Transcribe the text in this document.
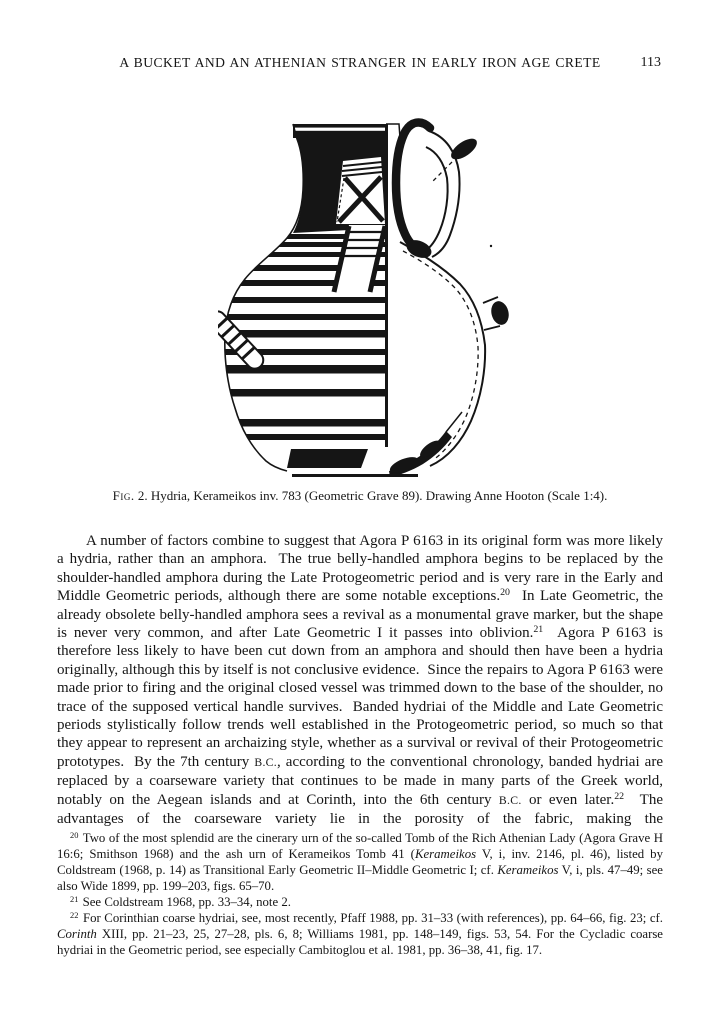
A BUCKET AND AN ATHENIAN STRANGER IN EARLY IRON AGE CRETE	113
Fig. 2. Hydria, Kerameikos inv. 783 (Geometric Grave 89). Drawing Anne Hooton (Scale 1:4).

A number of factors combine to suggest that Agora P 6163 in its original form was more likely a hydria, rather than an amphora.  The true belly-handled amphora begins to be replaced by the shoulder-handled amphora during the Late Protogeometric period and is very rare in the Early and Middle Geometric periods, although there are some notable exceptions.$^{20}$  In Late Geometric, the already obsolete belly-handled amphora sees a revival as a monumental grave marker, but the shape is never very common, and after Late Geometric I it passes into oblivion.$^{21}$  Agora P 6163 is therefore less likely to have been cut down from an amphora and should then have been a hydria originally, although this by itself is not conclusive evidence.  Since the repairs to Agora P 6163 were made prior to firing and the original closed vessel was trimmed down to the base of the shoulder, no trace of the supposed vertical handle survives.  Banded hydriai of the Middle and Late Geometric periods stylistically follow trends well established in the Protogeometric period, so much so that they appear to represent an archaizing style, whether as a survival or revival of their Protogeometric prototypes.  By the 7th century B.C., according to the conventional chronology, banded hydriai are replaced by a coarseware variety that continues to be made in many parts of the Greek world, notably on the Aegean islands and at Corinth, into the 6th century B.C. or even later.$^{22}$  The advantages of the coarseware variety lie in the porosity of the fabric, making the

$^{20}$ Two of the most splendid are the cinerary urn of the so-called Tomb of the Rich Athenian Lady (Agora Grave H 16:6; Smithson 1968) and the ash urn of Kerameikos Tomb 41 (Kerameikos V, i, inv. 2146, pl. 46), listed by Coldstream (1968, p. 14) as Transitional Early Geometric II–Middle Geometric I; cf. Kerameikos V, i, pls. 47–49; see also Wide 1899, pp. 199–203, figs. 65–70.

$^{21}$ See Coldstream 1968, pp. 33–34, note 2.

$^{22}$ For Corinthian coarse hydriai, see, most recently, Pfaff 1988, pp. 31–33 (with references), pp. 64–66, fig. 23; cf. Corinth XIII, pp. 21–23, 25, 27–28, pls. 6, 8; Williams 1981, pp. 148–149, figs. 53, 54. For the Cycladic coarse hydriai in the Geometric period, see especially Cambitoglou et al. 1981, pp. 36–38, 41, fig. 17.
